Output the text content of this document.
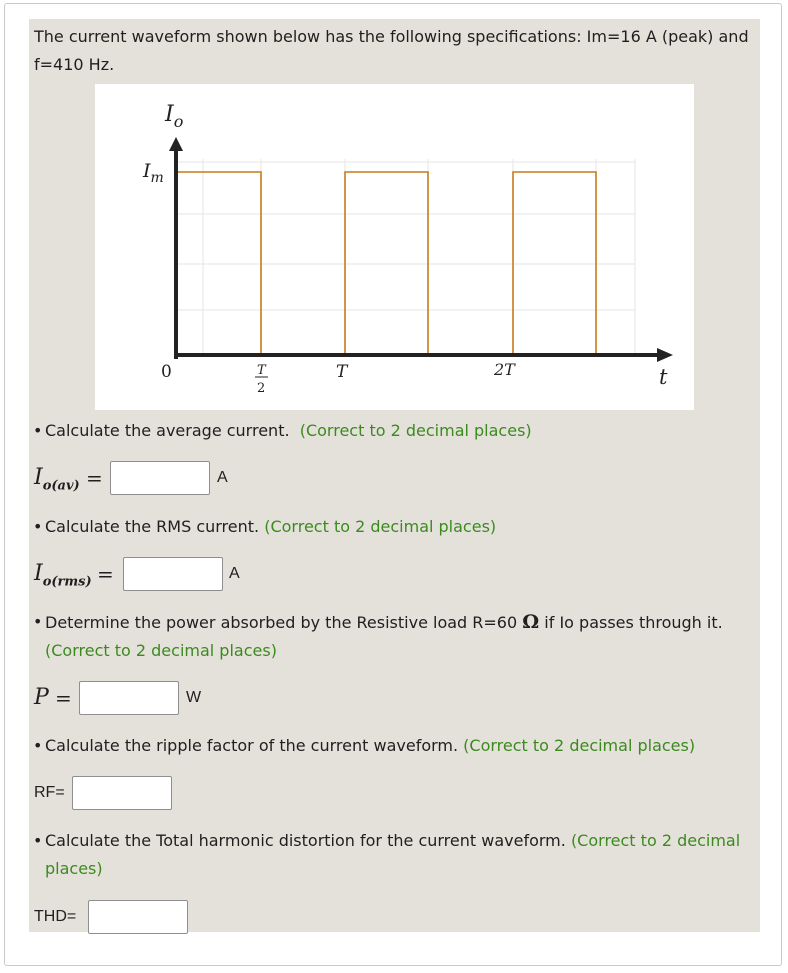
The current waveform shown below has the following specifications: Im=16 A (peak) and f=410 Hz.
$I_o$
$I_m$
0	T
2
T	2T	t
• Calculate the average current. (Correct to 2 decimal places)
$I_{o(av)}$ =	A
• Calculate the RMS current. (Correct to 2 decimal places)
$I_{o(rms)}$ =	A
• Determine the power absorbed by the Resistive load R=60 Ω if Io passes through it. (Correct to 2 decimal places)
P =	W
• Calculate the ripple factor of the current waveform. (Correct to 2 decimal places)
RF=
• Calculate the Total harmonic distortion for the current waveform. (Correct to 2 decimal places)
THD=
